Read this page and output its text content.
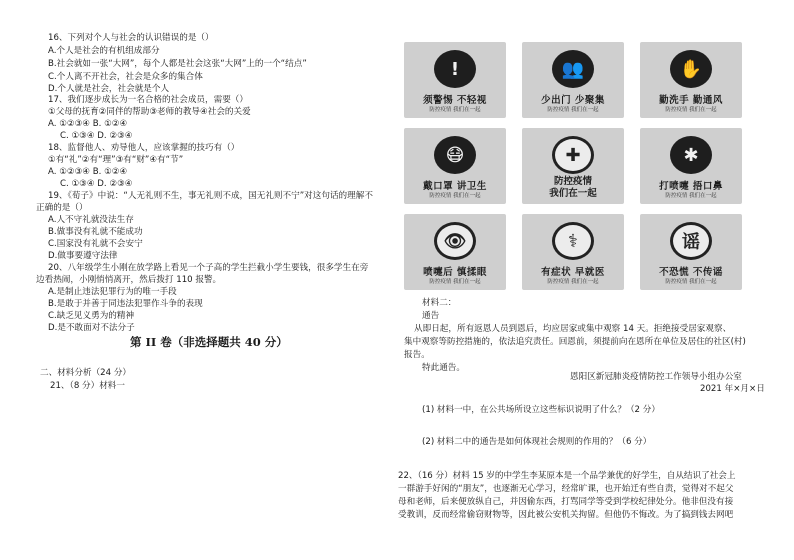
16、下列对个人与社会的认识错误的是（）
A.个人是社会的有机组成部分
B.社会就如一张“大网”，每个人都是社会这张“大网”上的一个“结点”
C.个人离不开社会，社会是众多的集合体
D.个人就是社会，社会就是个人
17、我们逐步成长为一名合格的社会成员，需要（）
①父母的抚育②同伴的帮助③老师的教导④社会的关爱
A. ①②③④ B. ①②④
C. ①③④ D. ②③④
18、监督他人、劝导他人，应该掌握的技巧有（）
①有“礼”②有“理”③有“财”④有“节”
A. ①②③④ B. ①②④
C. ①③④ D. ②③④
19、《荀子》中说：“人无礼则不生，事无礼则不成，国无礼则不宁”对这句话的理解不
正确的是（）
A.人不守礼就没法生存
B.做事没有礼就不能成功
C.国家没有礼就不会安宁
D.做事要遵守法律
20、八年级学生小刚在放学路上看见一个子高的学生拦截小学生要钱，很多学生在旁
边看热闹，小刚悄悄离开，然后拨打 110 报警。
A.是制止违法犯罪行为的唯一手段
B.是敢于并善于同违法犯罪作斗争的表现
C.缺乏见义勇为的精神
D.是不敢面对不法分子
第 II 卷（非选择题共 40 分）
二、材料分析（24 分）
21、（8 分）材料一
!
须警惕 不轻视
防控疫情 我们在一起
👥
少出门 少聚集
防控疫情 我们在一起
✋
勤洗手 勤通风
防控疫情 我们在一起
😷
戴口罩 讲卫生
防控疫情 我们在一起
✚
防控疫情
我们在一起
✱
打喷嚏 捂口鼻
防控疫情 我们在一起
👁
喷嚏后 慎揉眼
防控疫情 我们在一起
⚕
有症状 早就医
防控疫情 我们在一起
谣
不恐慌 不传谣
防控疫情 我们在一起
材料二：
通告
从即日起，所有返恩人员到恩后，均应居家或集中观察 14 天。拒绝接受居家观察、
集中观察等防控措施的，依法追究责任。回恩前，须提前向在恩所在单位及居住的社区(村)
报告。
特此通告。
恩阳区新冠肺炎疫情防控工作领导小组办公室
2021 年×月×日
(1) 材料一中，在公共场所设立这些标识说明了什么？（2 分）
(2) 材料二中的通告是如何体现社会规则的作用的？（6 分）
22、（16 分）材料 15 岁的中学生李某原本是一个品学兼优的好学生，自从结识了社会上
一群游手好闲的“朋友”，也逐渐无心学习，经常旷课，也开始迁有些自责，觉得对不起父
母和老师，后来便放纵自己，并因偷东西，打骂同学等受到学校纪律处分。他非但没有接
受教训，反而经常偷窃财物等，因此被公安机关拘留。但他仍不悔改。为了搞到钱去网吧
